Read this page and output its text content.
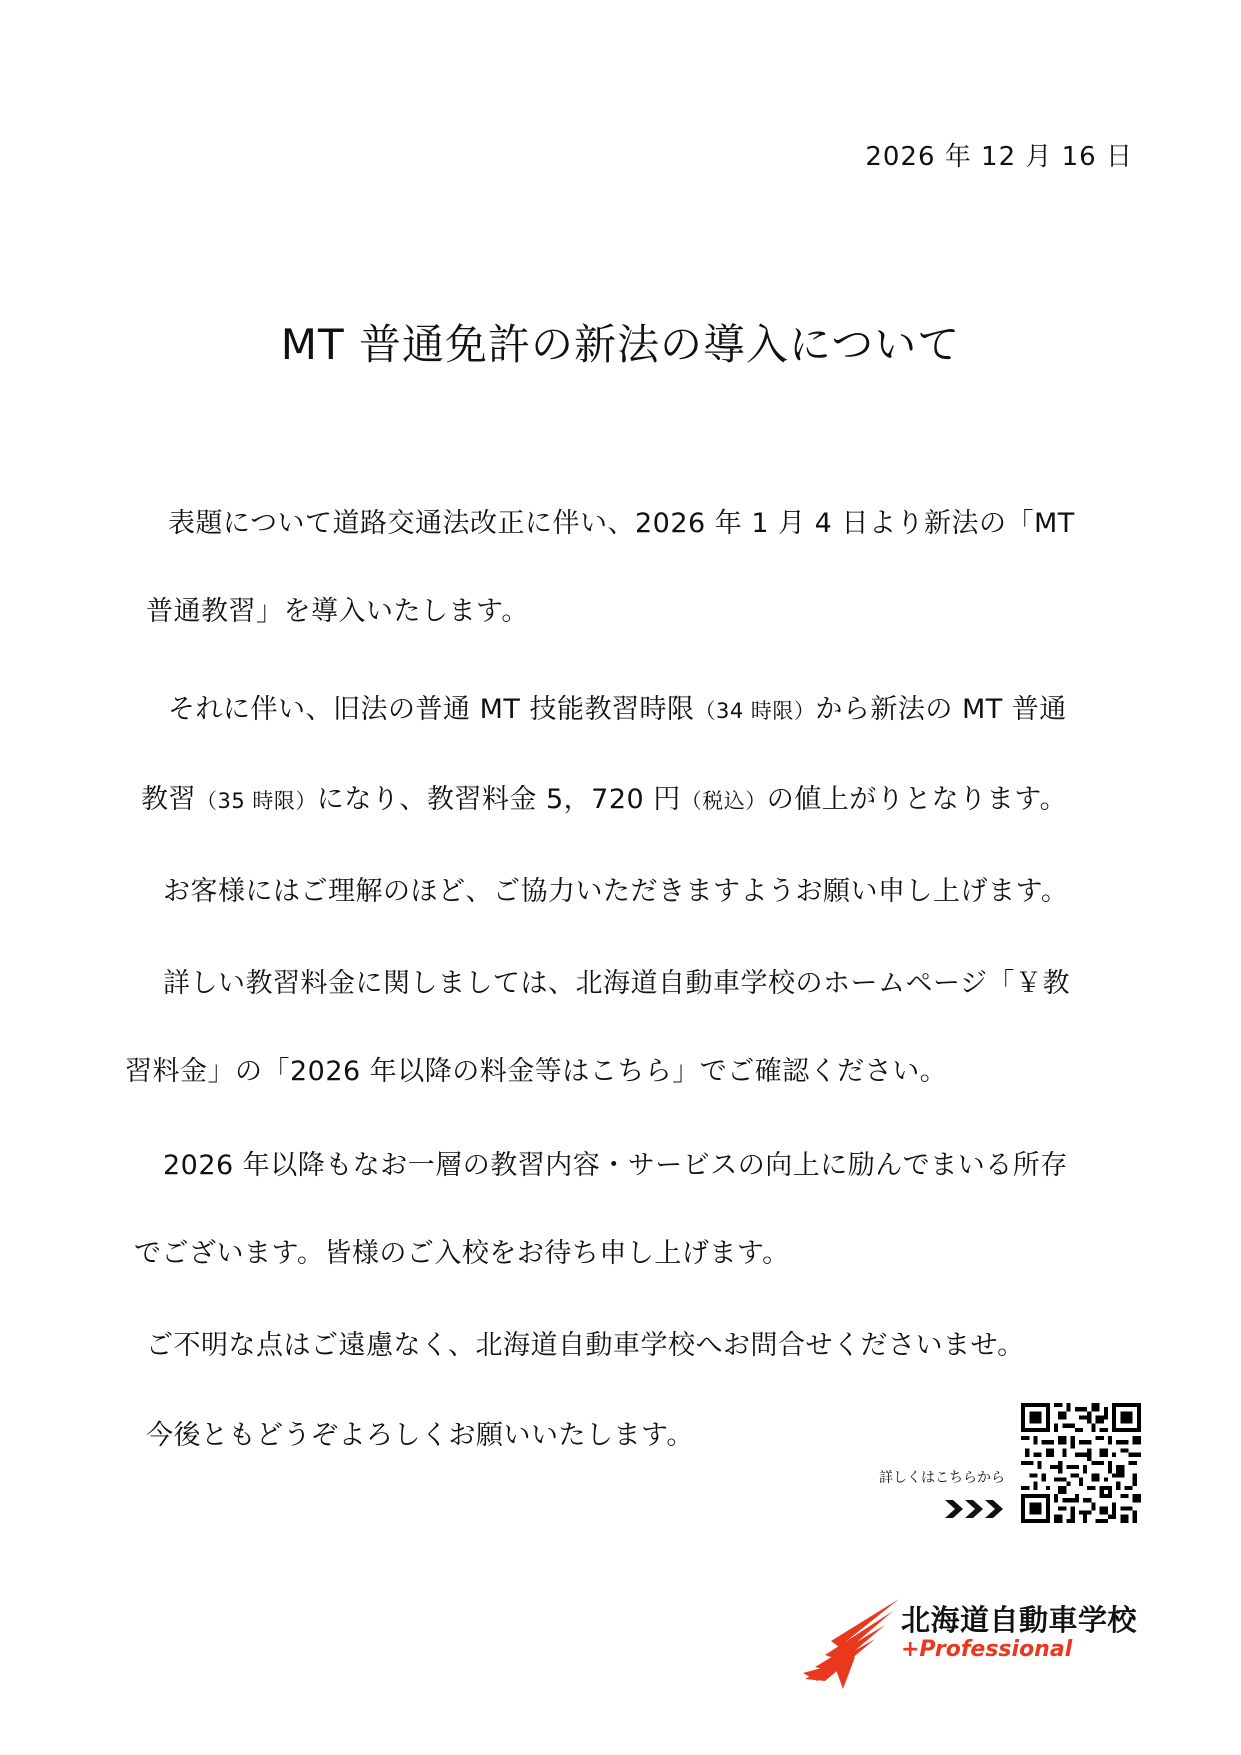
2026 年 12 月 16 日
MT 普通免許の新法の導入について
表題について道路交通法改正に伴い、2026 年 1 月 4 日より新法の「MT
普通教習」を導入いたします。
それに伴い、旧法の普通 MT 技能教習時限（34 時限）から新法の MT 普通
教習（35 時限）になり、教習料金 5，720 円（税込）の値上がりとなります。
お客様にはご理解のほど、ご協力いただきますようお願い申し上げます。
詳しい教習料金に関しましては、北海道自動車学校のホームページ「￥教
習料金」の「2026 年以降の料金等はこちら」でご確認ください。
2026 年以降もなお一層の教習内容・サービスの向上に励んでまいる所存
でございます。皆様のご入校をお待ち申し上げます。
ご不明な点はご遠慮なく、北海道自動車学校へお問合せくださいませ。
今後ともどうぞよろしくお願いいたします。
詳しくはこちらから
北海道自動車学校
+Professional
